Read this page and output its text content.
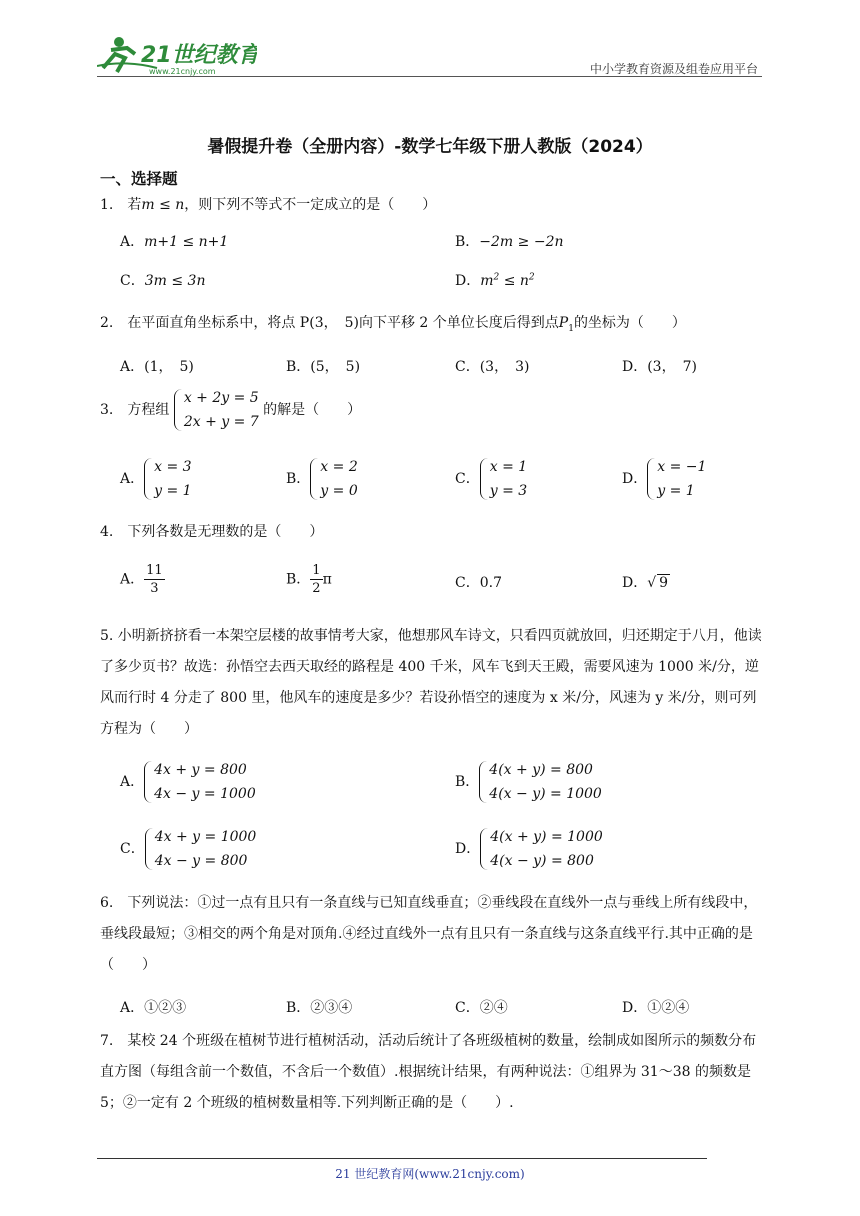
21世纪教育
www.21cnjy.com	中小学教育资源及组卷应用平台
暑假提升卷（全册内容）-数学七年级下册人教版（2024）
一、选择题
1.　若m ≤ n，则下列不等式不一定成立的是（　　）
A．m+1 ≤ n+1	B．−2m ≥ −2n
C．3m ≤ 3n	D．$m^2 \le n^2$
2.　在平面直角坐标系中，将点 P(3，　5)向下平移 2 个单位长度后得到点$P_1$的坐标为（　　）
A．(1，　5)	B．(5，　5)	C．(3，　3)	D．(3，　7)
3.　方程组
x + 2y = 5
2x + y = 7
的解是（　　）
A．
x = 3
y = 1
B．
x = 2
y = 0
C．
x = 1
y = 3
D．
x = −1
y = 1
4.　下列各数是无理数的是（　　）
A． $\frac{11}{3}$	B． $\frac{1}{2}$ π	C．0.7̇	D．√ 9
5. 小明新挤挤看一本架空层楼的故事情考大家，他想那风车诗文，只看四页就放回，归还期定于八月，他读了多少页书？故选：孙悟空去西天取经的路程是 400 千米，风车飞到天王殿，需要风速为 1000 米/分，逆风而行时 4 分走了 800 里，他风车的速度是多少？若设孙悟空的速度为 x 米/分，风速为 y 米/分，则可列方程为（　　）
A．
4x + y = 800
4x − y = 1000
B．
4(x + y) = 800
4(x − y) = 1000
C．
4x + y = 1000
4x − y = 800
D．
4(x + y) = 1000
4(x − y) = 800
6.　下列说法：①过一点有且只有一条直线与已知直线垂直；②垂线段在直线外一点与垂线上所有线段中，垂线段最短；③相交的两个角是对顶角.④经过直线外一点有且只有一条直线与这条直线平行.其中正确的是（　　）
A．①②③	B．②③④	C．②④	D．①②④
7.　某校 24 个班级在植树节进行植树活动，活动后统计了各班级植树的数量，绘制成如图所示的频数分布直方图（每组含前一个数值，不含后一个数值）.根据统计结果，有两种说法：①组界为 31～38 的频数是 5；②一定有 2 个班级的植树数量相等.下列判断正确的是（　　）.
21 世纪教育网(www.21cnjy.com)
